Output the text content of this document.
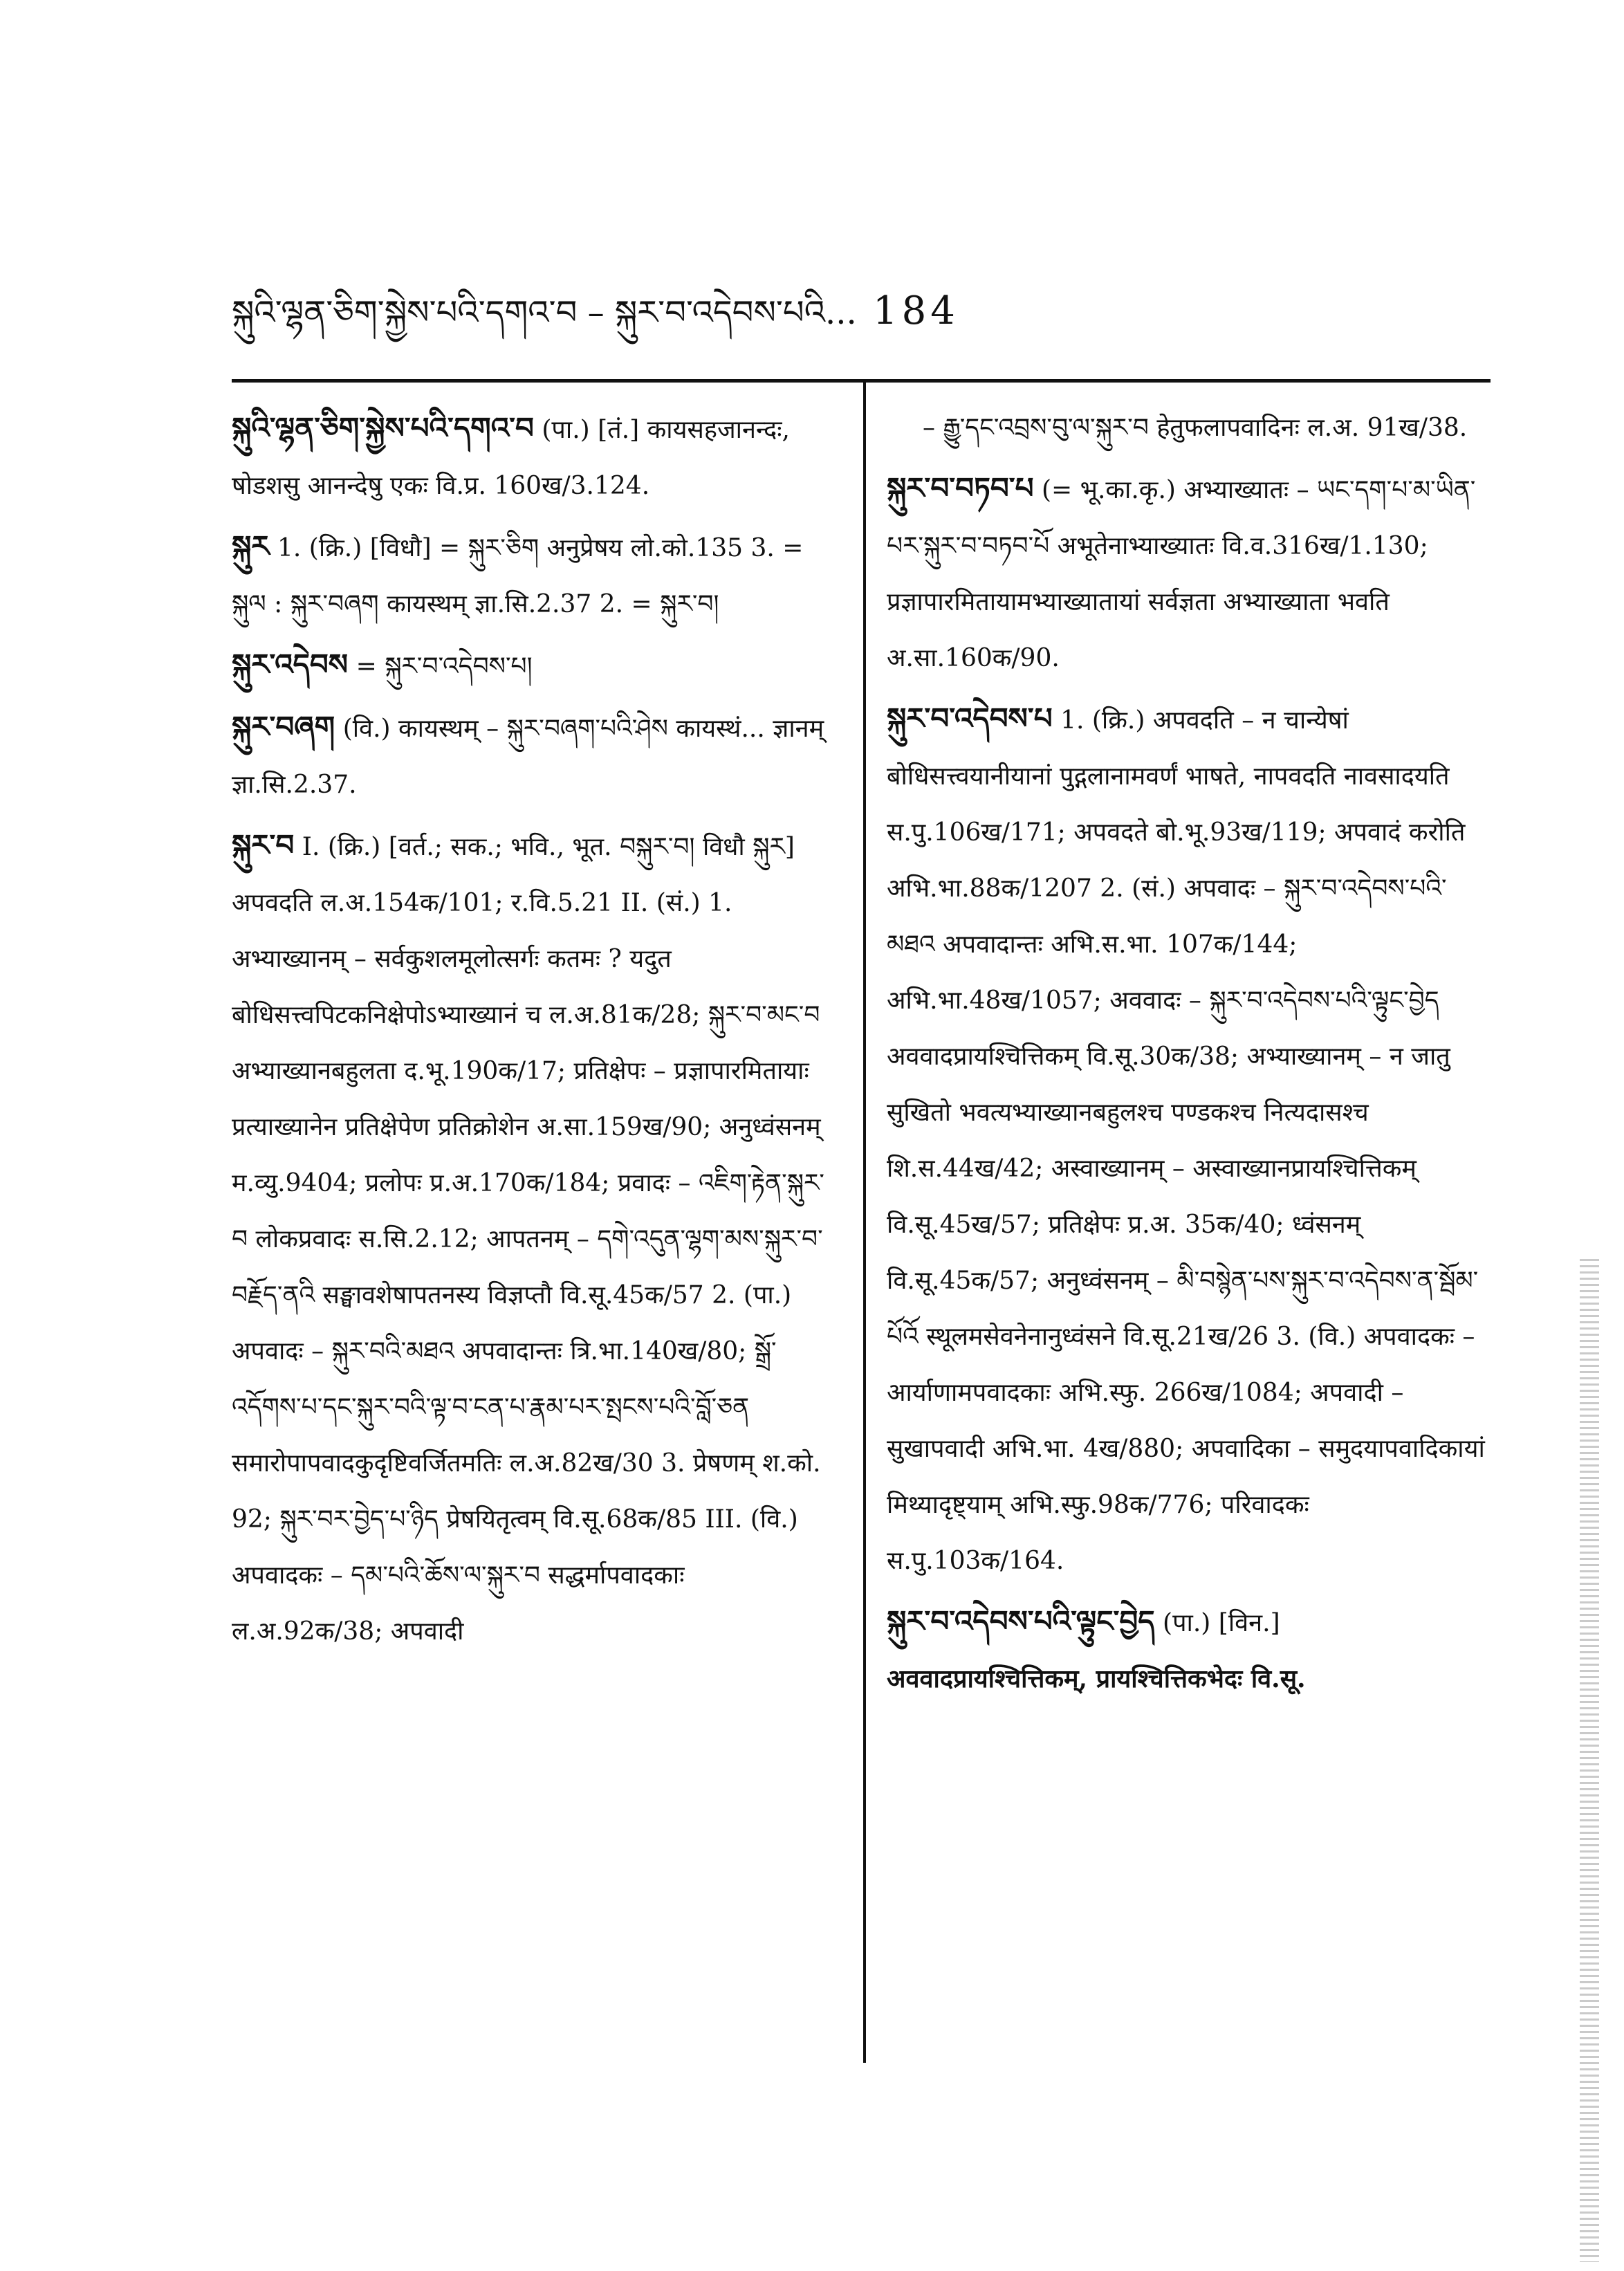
སྐུའི་ལྷན་ཅིག་སྐྱེས་པའི་དགའ་བ – སྐུར་བ་འདེབས་པའི... 184

སྐུའི་ལྷན་ཅིག་སྐྱེས་པའི་དགའ་བ (पा.) [तं.] कायसहजानन्दः, षोडशसु आनन्देषु एकः वि.प्र. 160ख/3.124.

སྐུར 1. (क्रि.) [विधौ] = སྐུར་ཅིག अनुप्रेषय लो.को.135 3. = སྐུལ : སྐུར་བཞག कायस्थम् ज्ञा.सि.2.37 2. = སྐུར་བ།

སྐུར་འདེབས = སྐུར་བ་འདེབས་པ།

སྐུར་བཞག (वि.) कायस्थम् – སྐུར་བཞག་པའི་ཤེས कायस्थं... ज्ञानम् ज्ञा.सि.2.37.

སྐུར་བ I. (क्रि.) [वर्त.; सक.; भवि., भूत. བསྐུར་བ། विधौ སྐུར] अपवदति ल.अ.154क/101; र.वि.5.21 II. (सं.) 1. अभ्याख्यानम् – सर्वकुशलमूलोत्सर्गः कतमः ? यदुत बोधिसत्त्वपिटकनिक्षेपोऽभ्याख्यानं च ल.अ.81क/28; སྐུར་བ་མང་བ अभ्याख्यानबहुलता द.भू.190क/17; प्रतिक्षेपः – प्रज्ञापारमितायाः प्रत्याख्यानेन प्रतिक्षेपेण प्रतिक्रोशेन अ.सा.159ख/90; अनुध्वंसनम् म.व्यु.9404; प्रलोपः प्र.अ.170क/184; प्रवादः – འཇིག་རྟེན་སྐུར་བ लोकप्रवादः स.सि.2.12; आपतनम् – དགེ་འདུན་ལྷག་མས་སྐུར་བ་བརྗོད་ནའི सङ्घावशेषापतनस्य विज्ञप्तौ वि.सू.45क/57 2. (पा.) अपवादः – སྐུར་བའི་མཐའ अपवादान्तः त्रि.भा.140ख/80; སྒྲོ་འདོགས་པ་དང་སྐུར་བའི་ལྟ་བ་ངན་པ་རྣམ་པར་སྤངས་པའི་བློ་ཅན समारोपापवादकुदृष्टिवर्जितमतिः ल.अ.82ख/30 3. प्रेषणम् श.को. 92; སྐུར་བར་བྱེད་པ་ཉིད प्रेषयितृत्वम् वि.सू.68क/85 III. (वि.) अपवादकः – དམ་པའི་ཆོས་ལ་སྐུར་བ सद्धर्मापवादकाः ल.अ.92क/38; अपवादी

– རྒྱུ་དང་འབྲས་བུ་ལ་སྐུར་བ हेतुफलापवादिनः ल.अ. 91ख/38.

སྐུར་བ་བཏབ་པ (= भू.का.कृ.) अभ्याख्यातः – ཡང་དག་པ་མ་ཡིན་པར་སྐུར་བ་བཏབ་པོ अभूतेनाभ्याख्यातः वि.व.316ख/1.130; प्रज्ञापारमितायामभ्याख्यातायां सर्वज्ञता अभ्याख्याता भवति अ.सा.160क/90.

སྐུར་བ་འདེབས་པ 1. (क्रि.) अपवदति – न चान्येषां बोधिसत्त्वयानीयानां पुद्गलानामवर्णं भाषते, नापवदति नावसादयति स.पु.106ख/171; अपवदते बो.भू.93ख/119; अपवादं करोति अभि.भा.88क/1207 2. (सं.) अपवादः – སྐུར་བ་འདེབས་པའི་མཐའ अपवादान्तः अभि.स.भा. 107क/144; अभि.भा.48ख/1057; अववादः – སྐུར་བ་འདེབས་པའི་ལྟུང་བྱེད अववादप्रायश्चित्तिकम् वि.सू.30क/38; अभ्याख्यानम् – न जातु सुखितो भवत्यभ्याख्यानबहुलश्च पण्डकश्च नित्यदासश्च शि.स.44ख/42; अस्वाख्यानम् – अस्वाख्यानप्रायश्चित्तिकम् वि.सू.45ख/57; प्रतिक्षेपः प्र.अ. 35क/40; ध्वंसनम् वि.सू.45क/57; अनुध्वंसनम् – མི་བསྙེན་པས་སྐུར་བ་འདེབས་ན་སྦོམ་པོའོ स्थूलमसेवनेनानुध्वंसने वि.सू.21ख/26 3. (वि.) अपवादकः – आर्याणामपवादकाः अभि.स्फु. 266ख/1084; अपवादी – सुखापवादी अभि.भा. 4ख/880; अपवादिका – समुदयापवादिकायां मिथ्यादृष्ट्याम् अभि.स्फु.98क/776; परिवादकः स.पु.103क/164.

སྐུར་བ་འདེབས་པའི་ལྟུང་བྱེད (पा.) [विन.] अववादप्रायश्चित्तिकम्, प्रायश्चित्तिकभेदः वि.सू.
